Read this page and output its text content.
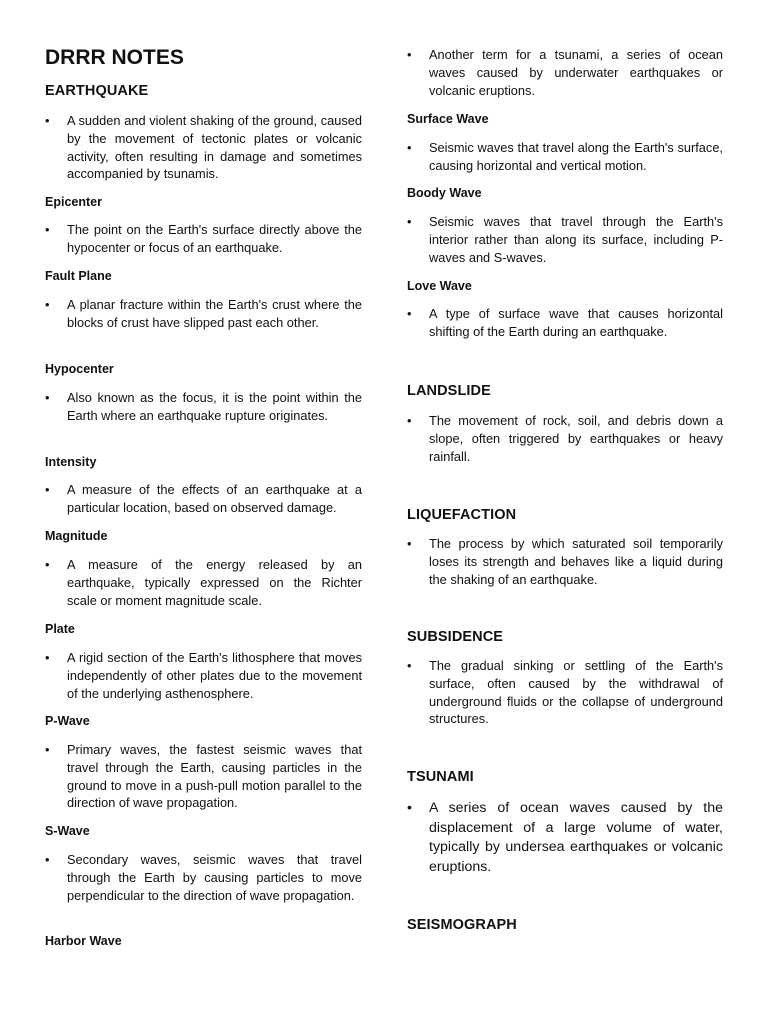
DRRR NOTES
EARTHQUAKE
•	A sudden and violent shaking of the ground, caused by the movement of tectonic plates or volcanic activity, often resulting in damage and sometimes accompanied by tsunamis.
Epicenter
•	The point on the Earth's surface directly above the hypocenter or focus of an earthquake.
Fault Plane
•	A planar fracture within the Earth's crust where the blocks of crust have slipped past each other.
Hypocenter
•	Also known as the focus, it is the point within the Earth where an earthquake rupture originates.
Intensity
•	A measure of the effects of an earthquake at a particular location, based on observed damage.
Magnitude
•	A measure of the energy released by an earthquake, typically expressed on the Richter scale or moment magnitude scale.
Plate
•	A rigid section of the Earth's lithosphere that moves independently of other plates due to the movement of the underlying asthenosphere.
P-Wave
•	Primary waves, the fastest seismic waves that travel through the Earth, causing particles in the ground to move in a push-pull motion parallel to the direction of wave propagation.
S-Wave
•	Secondary waves, seismic waves that travel through the Earth by causing particles to move perpendicular to the direction of wave propagation.
Harbor Wave
•	Another term for a tsunami, a series of ocean waves caused by underwater earthquakes or volcanic eruptions.
Surface Wave
•	Seismic waves that travel along the Earth's surface, causing horizontal and vertical motion.
Boody Wave
•	Seismic waves that travel through the Earth's interior rather than along its surface, including P-waves and S-waves.
Love Wave
•	A type of surface wave that causes horizontal shifting of the Earth during an earthquake.
LANDSLIDE
•	The movement of rock, soil, and debris down a slope, often triggered by earthquakes or heavy rainfall.
LIQUEFACTION
•	The process by which saturated soil temporarily loses its strength and behaves like a liquid during the shaking of an earthquake.
SUBSIDENCE
•	The gradual sinking or settling of the Earth's surface, often caused by the withdrawal of underground fluids or the collapse of underground structures.
TSUNAMI
•	A series of ocean waves caused by the displacement of a large volume of water, typically by undersea earthquakes or volcanic eruptions.
SEISMOGRAPH
